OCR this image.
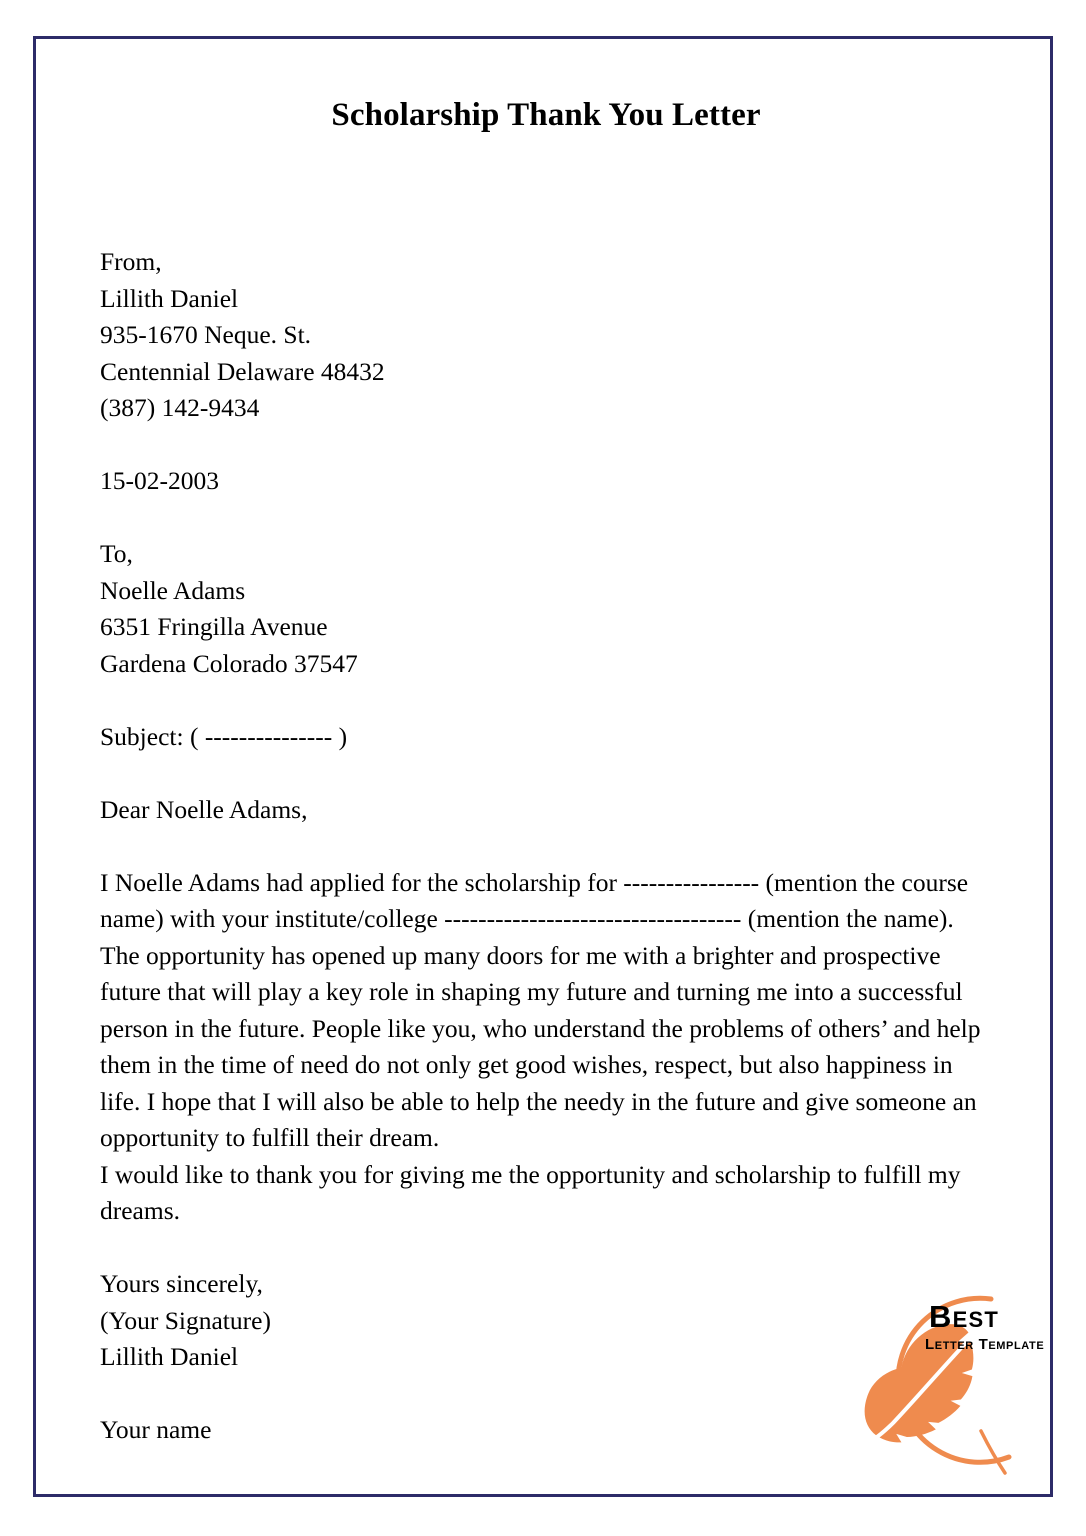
Scholarship Thank You Letter
From,
Lillith Daniel
935-1670 Neque. St.
Centennial Delaware 48432
(387) 142-9434
15-02-2003
To,
Noelle Adams
6351 Fringilla Avenue
Gardena Colorado 37547
Subject: ( --------------- )
Dear Noelle Adams,

I Noelle Adams had applied for the scholarship for ---------------- (mention the course name) with your institute/college ----------------------------------- (mention the name). The opportunity has opened up many doors for me with a brighter and prospective future that will play a key role in shaping my future and turning me into a successful person in the future. People like you, who understand the problems of others’ and help them in the time of need do not only get good wishes, respect, but also happiness in life. I hope that I will also be able to help the needy in the future and give someone an opportunity to fulfill their dream.

I would like to thank you for giving me the opportunity and scholarship to fulfill my dreams.

Yours sincerely,
(Your Signature)
Lillith Daniel
Your name
Best
Letter Template
